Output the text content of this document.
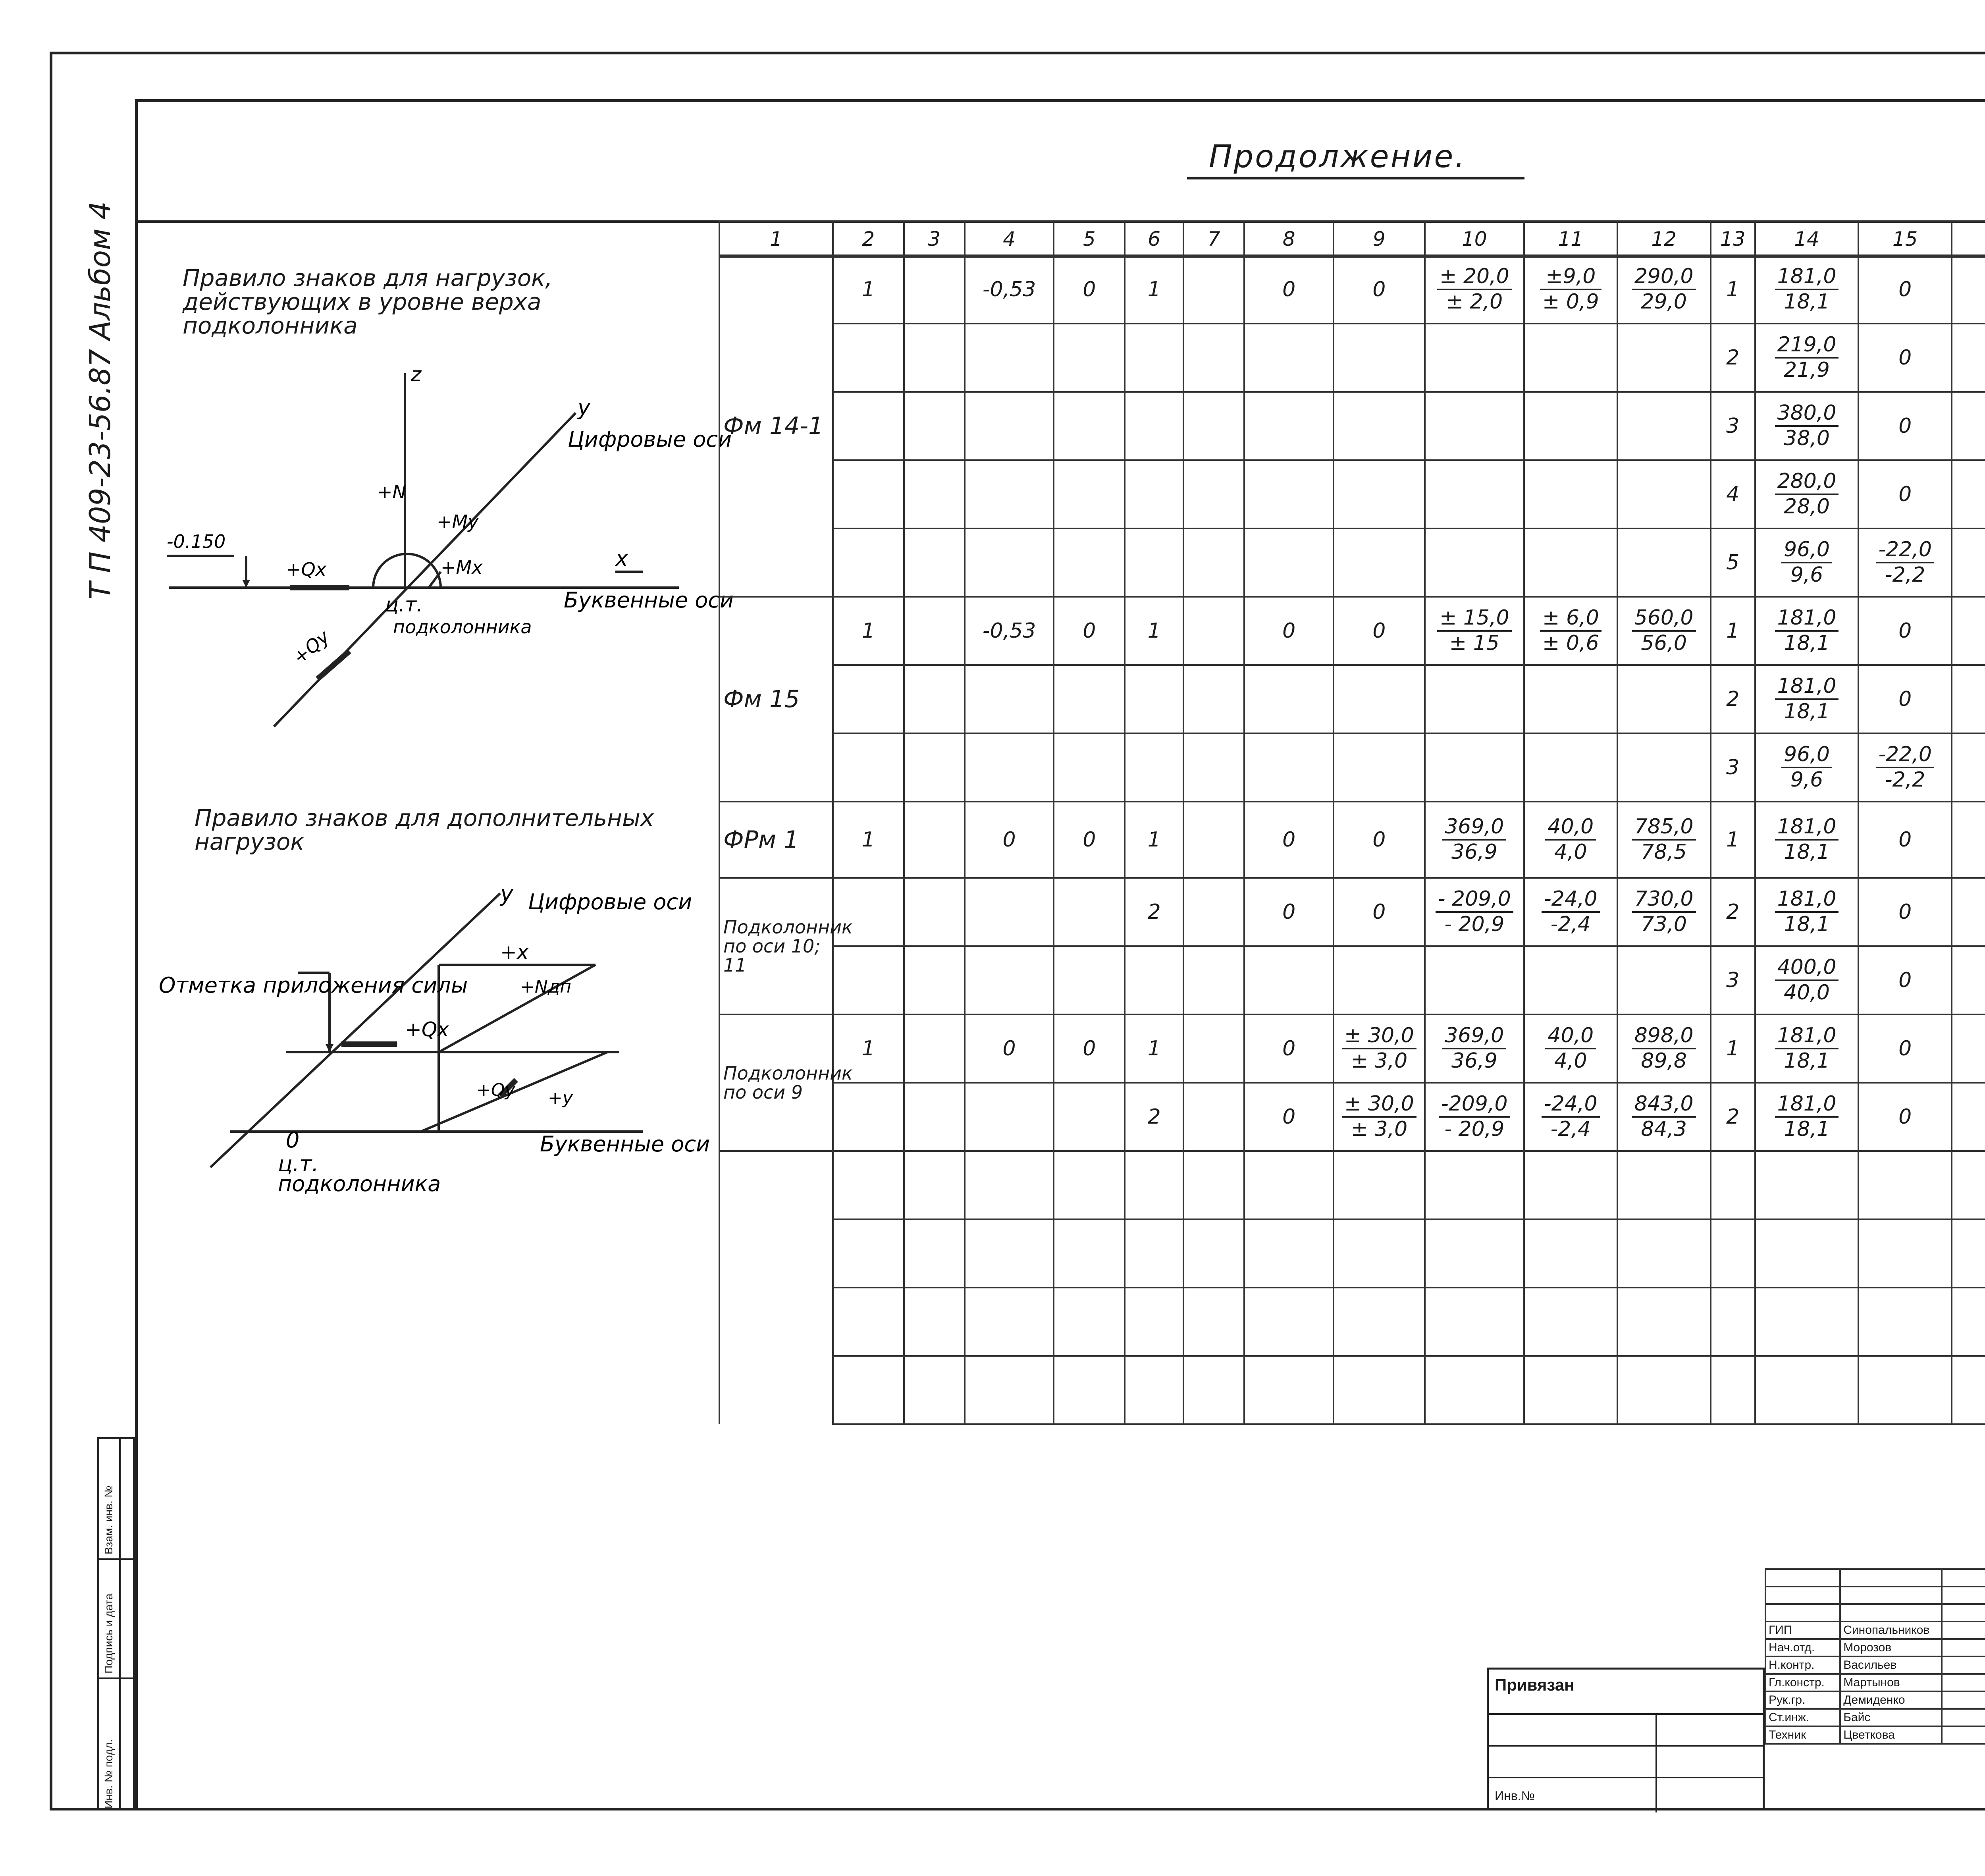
Т П 409-23-56.87 Альбом 4
Инв. № подл.
Подпись и дата
Взам. инв. №
Продолжение.
Правило знаков для нагрузок, действующих в уровне верха подколонника
Правило знаков для дополнительных нагрузок
z
y
Цифровые оси
+N
+My
+Mx
+Qx
-0.150
x
Буквенные оси
ц.т.
подколонника
+Qy
y Цифровые оси
+x
+Nдп
Отметка приложения силы
+Qx
+Qy +y
0	Буквенные оси
ц.т.
подколонника
1	2	3	4	5	6	7	8	9	10	11	12	13	14	15								
Фм 14-1	1		-0,53	0	1		0	0	$\frac{\pm 20,0}{\pm 2,0}$	$\frac{\pm 9,0}{\pm 0,9}$	$\frac{290,0}{29,0}$	1	$\frac{181,0}{18,1}$	0					

												2	$\frac{219,0}{21,9}$	0								
												3	$\frac{380,0}{38,0}$	0								
												4	$\frac{280,0}{28,0}$	0								
												5	$\frac{96,0}{9,6}$	$\frac{-22,0}{-2,2}$

Фм 15	1		-0,53	0	1		0	0	$\frac{\pm 15,0}{\pm 15}$	$\frac{\pm 6,0}{\pm 0,6}$	$\frac{560,0}{56,0}$	1	$\frac{181,0}{18,1}$	0					

												2	$\frac{181,0}{18,1}$	0								
												3	$\frac{96,0}{9,6}$	$\frac{-22,0}{-2,2}$

ФРм 1	1		0	0	1		0	0	$\frac{369,0}{36,9}$	$\frac{40,0}{4,0}$	$\frac{785,0}{78,5}$	1	$\frac{181,0}{18,1}$	0					

Подколонник по оси 10; 11					2		0	0	$\frac{- 209,0}{- 20,9}$	$\frac{-24,0}{-2,4}$	$\frac{730,0}{73,0}$	2	$\frac{181,0}{18,1}$	0								
												3	$\frac{400,0}{40,0}$	0								
Подколонник по оси 9	1		0	0	1		0	$\frac{\pm 30,0}{\pm 3,0}$	$\frac{369,0}{36,9}$	$\frac{40,0}{4,0}$	$\frac{898,0}{89,8}$	1	$\frac{181,0}{18,1}$	0					

					2		0	$\frac{\pm 30,0}{\pm 3,0}$	$\frac{-209,0}{- 20,9}$	$\frac{-24,0}{-2,4}$	$\frac{843,0}{84,3}$	2	$\frac{181,0}{18,1}$	0								

ГИП	Синопальников		
Нач.отд.	Морозов		
Н.контр.	Васильев		
Гл.констр.	Мартынов		
Рук.гр.	Демиденко		
Ст.инж.	Байс		
Техник	Цветкова		
Привязан
Инв.№
